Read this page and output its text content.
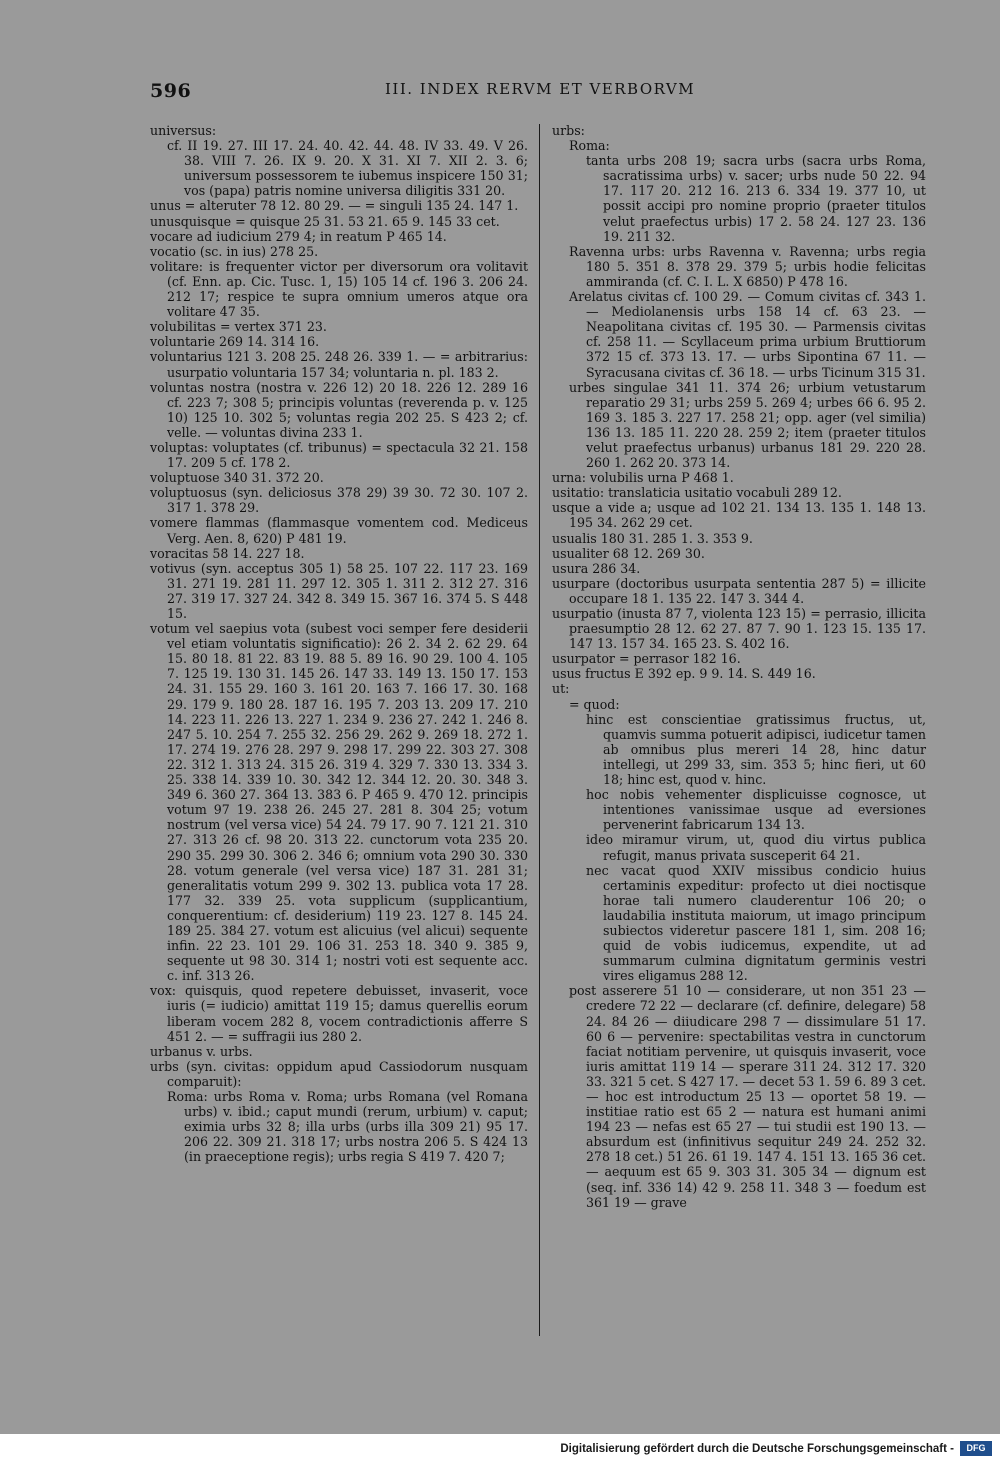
596	III. INDEX RERVM ET VERBORVM

universus:

cf. II 19. 27. III 17. 24. 40. 42. 44. 48. IV 33. 49. V 26. 38. VIII 7. 26. IX 9. 20. X 31. XI 7. XII 2. 3. 6; universum possessorem te iubemus inspicere 150 31; vos (papa) patris nomine universa diligitis 331 20.

unus = alteruter 78 12. 80 29. — = singuli 135 24. 147 1.

unusquisque = quisque 25 31. 53 21. 65 9. 145 33 cet.

vocare ad iudicium 279 4; in reatum P 465 14.

vocatio (sc. in ius) 278 25.

volitare: is frequenter victor per diversorum ora volitavit (cf. Enn. ap. Cic. Tusc. 1, 15) 105 14 cf. 196 3. 206 24. 212 17; respice te supra omnium umeros atque ora volitare 47 35.

volubilitas = vertex 371 23.

voluntarie 269 14. 314 16.

voluntarius 121 3. 208 25. 248 26. 339 1. — = arbitrarius: usurpatio voluntaria 157 34; voluntaria n. pl. 183 2.

voluntas nostra (nostra v. 226 12) 20 18. 226 12. 289 16 cf. 223 7; 308 5; principis voluntas (reverenda p. v. 125 10) 125 10. 302 5; voluntas regia 202 25. S 423 2; cf. velle. — voluntas divina 233 1.

voluptas: voluptates (cf. tribunus) = spectacula 32 21. 158 17. 209 5 cf. 178 2.

voluptuose 340 31. 372 20.

voluptuosus (syn. deliciosus 378 29) 39 30. 72 30. 107 2. 317 1. 378 29.

vomere flammas (flammasque vomentem cod. Mediceus Verg. Aen. 8, 620) P 481 19.

voracitas 58 14. 227 18.

votivus (syn. acceptus 305 1) 58 25. 107 22. 117 23. 169 31. 271 19. 281 11. 297 12. 305 1. 311 2. 312 27. 316 27. 319 17. 327 24. 342 8. 349 15. 367 16. 374 5. S 448 15.

votum vel saepius vota (subest voci semper fere desiderii vel etiam voluntatis significatio): 26 2. 34 2. 62 29. 64 15. 80 18. 81 22. 83 19. 88 5. 89 16. 90 29. 100 4. 105 7. 125 19. 130 31. 145 26. 147 33. 149 13. 150 17. 153 24. 31. 155 29. 160 3. 161 20. 163 7. 166 17. 30. 168 29. 179 9. 180 28. 187 16. 195 7. 203 13. 209 17. 210 14. 223 11. 226 13. 227 1. 234 9. 236 27. 242 1. 246 8. 247 5. 10. 254 7. 255 32. 256 29. 262 9. 269 18. 272 1. 17. 274 19. 276 28. 297 9. 298 17. 299 22. 303 27. 308 22. 312 1. 313 24. 315 26. 319 4. 329 7. 330 13. 334 3. 25. 338 14. 339 10. 30. 342 12. 344 12. 20. 30. 348 3. 349 6. 360 27. 364 13. 383 6. P 465 9. 470 12. principis votum 97 19. 238 26. 245 27. 281 8. 304 25; votum nostrum (vel versa vice) 54 24. 79 17. 90 7. 121 21. 310 27. 313 26 cf. 98 20. 313 22. cunctorum vota 235 20. 290 35. 299 30. 306 2. 346 6; omnium vota 290 30. 330 28. votum generale (vel versa vice) 187 31. 281 31; generalitatis votum 299 9. 302 13. publica vota 17 28. 177 32. 339 25. vota supplicum (supplicantium, conquerentium: cf. desiderium) 119 23. 127 8. 145 24. 189 25. 384 27. votum est alicuius (vel alicui) sequente infin. 22 23. 101 29. 106 31. 253 18. 340 9. 385 9, sequente ut 98 30. 314 1; nostri voti est sequente acc. c. inf. 313 26.

vox: quisquis, quod repetere debuisset, invaserit, voce iuris (= iudicio) amittat 119 15; damus querellis eorum liberam vocem 282 8, vocem contradictionis afferre S 451 2. — = suffragii ius 280 2.

urbanus v. urbs.

urbs (syn. civitas: oppidum apud Cassiodorum nusquam comparuit):

Roma: urbs Roma v. Roma; urbs Romana (vel Romana urbs) v. ibid.; caput mundi (rerum, urbium) v. caput; eximia urbs 32 8; illa urbs (urbs illa 309 21) 95 17. 206 22. 309 21. 318 17; urbs nostra 206 5. S 424 13 (in praeceptione regis); urbs regia S 419 7. 420 7;

urbs:

Roma:

tanta urbs 208 19; sacra urbs (sacra urbs Roma, sacratissima urbs) v. sacer; urbs nude 50 22. 94 17. 117 20. 212 16. 213 6. 334 19. 377 10, ut possit accipi pro nomine proprio (praeter titulos velut praefectus urbis) 17 2. 58 24. 127 23. 136 19. 211 32.

Ravenna urbs: urbs Ravenna v. Ravenna; urbs regia 180 5. 351 8. 378 29. 379 5; urbis hodie felicitas ammiranda (cf. C. I. L. X 6850) P 478 16.

Arelatus civitas cf. 100 29. — Comum civitas cf. 343 1. — Mediolanensis urbs 158 14 cf. 63 23. — Neapolitana civitas cf. 195 30. — Parmensis civitas cf. 258 11. — Scyllaceum prima urbium Bruttiorum 372 15 cf. 373 13. 17. — urbs Sipontina 67 11. — Syracusana civitas cf. 36 18. — urbs Ticinum 315 31.

urbes singulae 341 11. 374 26; urbium vetustarum reparatio 29 31; urbs 259 5. 269 4; urbes 66 6. 95 2. 169 3. 185 3. 227 17. 258 21; opp. ager (vel similia) 136 13. 185 11. 220 28. 259 2; item (praeter titulos velut praefectus urbanus) urbanus 181 29. 220 28. 260 1. 262 20. 373 14.

urna: volubilis urna P 468 1.

usitatio: translaticia usitatio vocabuli 289 12.

usque a vide a; usque ad 102 21. 134 13. 135 1. 148 13. 195 34. 262 29 cet.

usualis 180 31. 285 1. 3. 353 9.

usualiter 68 12. 269 30.

usura 286 34.

usurpare (doctoribus usurpata sententia 287 5) = illicite occupare 18 1. 135 22. 147 3. 344 4.

usurpatio (inusta 87 7, violenta 123 15) = perrasio, illicita praesumptio 28 12. 62 27. 87 7. 90 1. 123 15. 135 17. 147 13. 157 34. 165 23. S. 402 16.

usurpator = perrasor 182 16.

usus fructus E 392 ep. 9 9. 14. S. 449 16.

ut:

= quod:

hinc est conscientiae gratissimus fructus, ut, quamvis summa potuerit adipisci, iudicetur tamen ab omnibus plus mereri 14 28, hinc datur intellegi, ut 299 33, sim. 353 5; hinc fieri, ut 60 18; hinc est, quod v. hinc.

hoc nobis vehementer displicuisse cognosce, ut intentiones vanissimae usque ad eversiones pervenerint fabricarum 134 13.

ideo miramur virum, ut, quod diu virtus publica refugit, manus privata susceperit 64 21.

nec vacat quod XXIV missibus condicio huius certaminis expeditur: profecto ut diei noctisque horae tali numero clauderentur 106 20; o laudabilia instituta maiorum, ut imago principum subiectos videretur pascere 181 1, sim. 208 16; quid de vobis iudicemus, expendite, ut ad summarum culmina dignitatum germinis vestri vires eligamus 288 12.

post asserere 51 10 — considerare, ut non 351 23 — credere 72 22 — declarare (cf. definire, delegare) 58 24. 84 26 — diiudicare 298 7 — dissimulare 51 17. 60 6 — pervenire: spectabilitas vestra in cunctorum faciat notitiam pervenire, ut quisquis invaserit, voce iuris amittat 119 14 — sperare 311 24. 312 17. 320 33. 321 5 cet. S 427 17. — decet 53 1. 59 6. 89 3 cet. — hoc est introductum 25 13 — oportet 58 19. — institiae ratio est 65 2 — natura est humani animi 194 23 — nefas est 65 27 — tui studii est 190 13. — absurdum est (infinitivus sequitur 249 24. 252 32. 278 18 cet.) 51 26. 61 19. 147 4. 151 13. 165 36 cet. — aequum est 65 9. 303 31. 305 34 — dignum est (seq. inf. 336 14) 42 9. 258 11. 348 3 — foedum est 361 19 — grave

Digitalisierung gefördert durch die Deutsche Forschungsgemeinschaft -	DFG
